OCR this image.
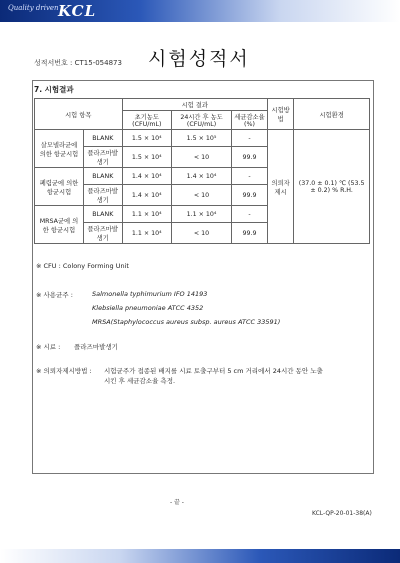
Quality driven KCL
성적서번호 : CT15-054873 시험성적서
7. 시험결과
시험 항목		시험 결과			시험방법	시험환경
		초기농도 (CFU/mL)	24시간 후 농도 (CFU/mL)	세균감소율 (%)		
살모넬라균에 의한 항균시험	BLANK	1.5 × 10⁴	1.5 × 10⁵	-	의뢰자 제시	(37.0 ± 0.1) ℃ (53.5 ± 0.2) % R.H.
	플라즈마발생기	1.5 × 10⁴	< 10	99.9		
폐렴균에 의한 항균시험	BLANK	1.4 × 10⁴	1.4 × 10⁴	-		
	플라즈마발생기	1.4 × 10⁴	< 10	99.9		
MRSA균에 의한 항균시험	BLANK	1.1 × 10⁴	1.1 × 10⁴	-		
	플라즈마발생기	1.1 × 10⁴	< 10	99.9		
※ CFU : Colony Forming Unit
※ 사용균주 :	Salmonella typhimurium IFO 14193
Klebsiella pneumoniae ATCC 4352
MRSA(Staphylococcus aureus subsp. aureus ATCC 33591)
※ 시료 : 플라즈마발생기
※ 의뢰자제시방법 : 시험균주가 접종된 배지를 시료 토출구부터 5 cm 거리에서 24시간 동안 노출 시킨 후 세균감소율 측정.
- 끝 -
KCL-QP-20-01-38(A)
